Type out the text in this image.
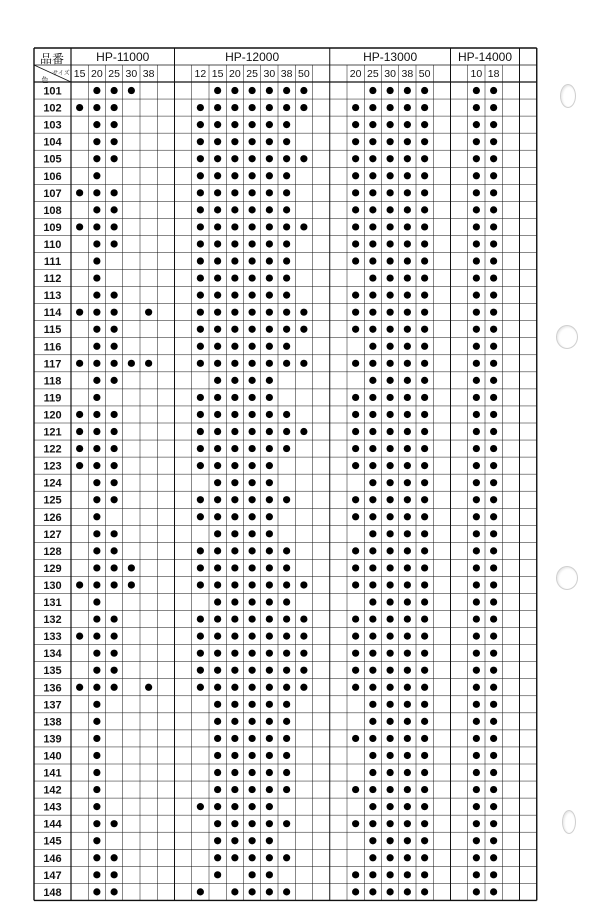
品番
サイズ
色
HP-11000
15 20 25 30 38
HP-12000
12 15 20 25 30 38 50
HP-13000
20 25 30 38 50
HP-14000
10 18
101
102
103
104
105
106
107
108
109
110
111
112
113
114
115
116
117
118
119
120
121
122
123
124
125
126
127
128
129
130
131
132
133
134
135
136
137
138
139
140
141
142
143
144
145
146
147
148
